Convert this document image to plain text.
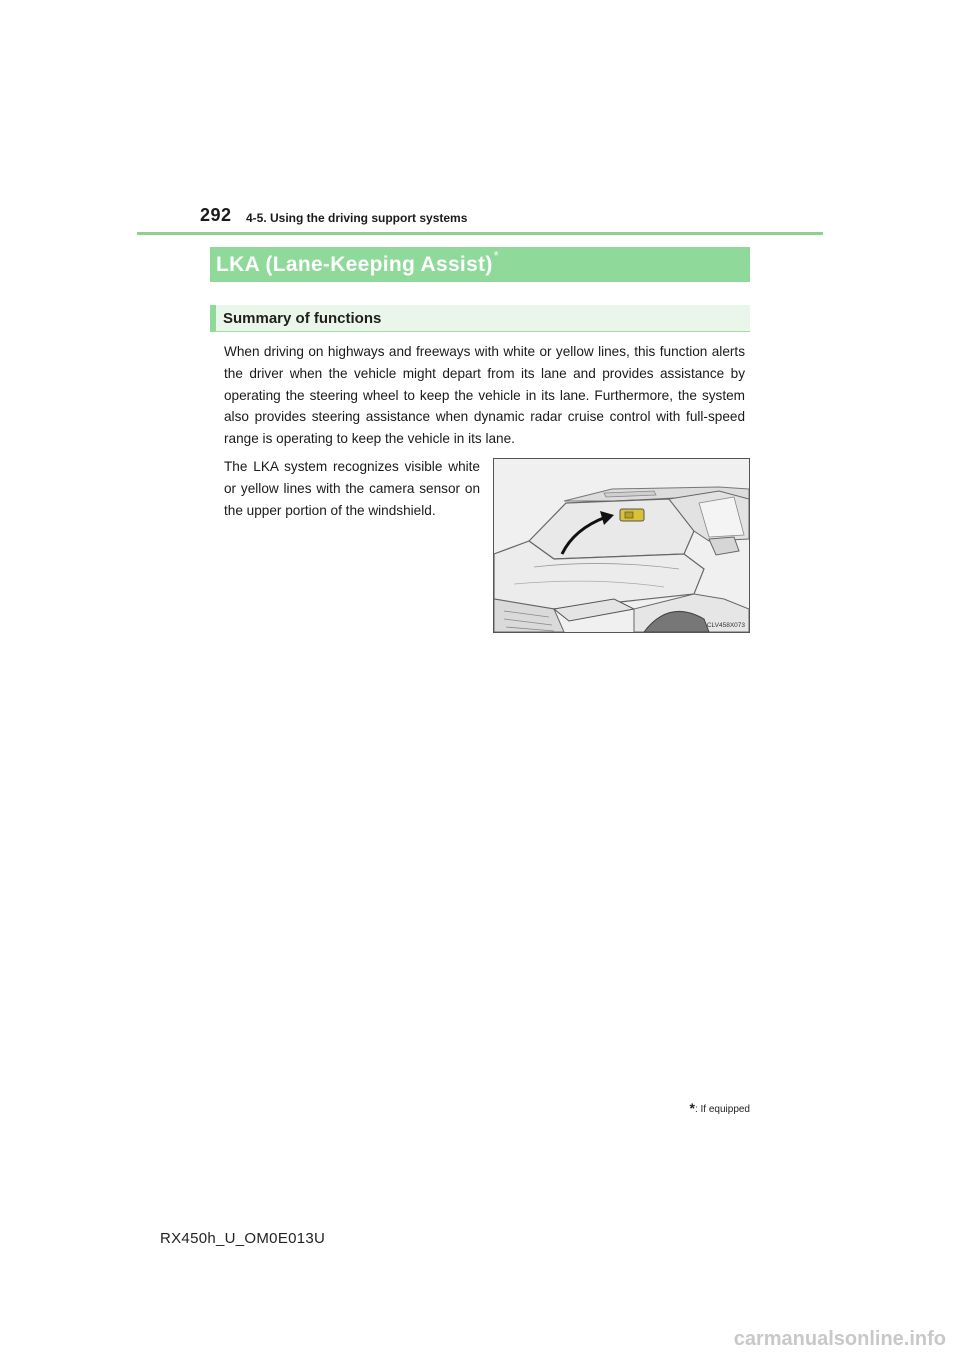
292 4-5. Using the driving support systems
LKA (Lane-Keeping Assist) *
Summary of functions

When driving on highways and freeways with white or yellow lines, this function alerts the driver when the vehicle might depart from its lane and provides assistance by operating the steering wheel to keep the vehicle in its lane. Furthermore, the system also provides steering assistance when dynamic radar cruise control with full-speed range is operating to keep the vehicle in its lane.

The LKA system recognizes visible white or yellow lines with the camera sensor on the upper portion of the windshield.

CLV458X073
*: If equipped
RX450h_U_OM0E013U
carmanualsonline.info
